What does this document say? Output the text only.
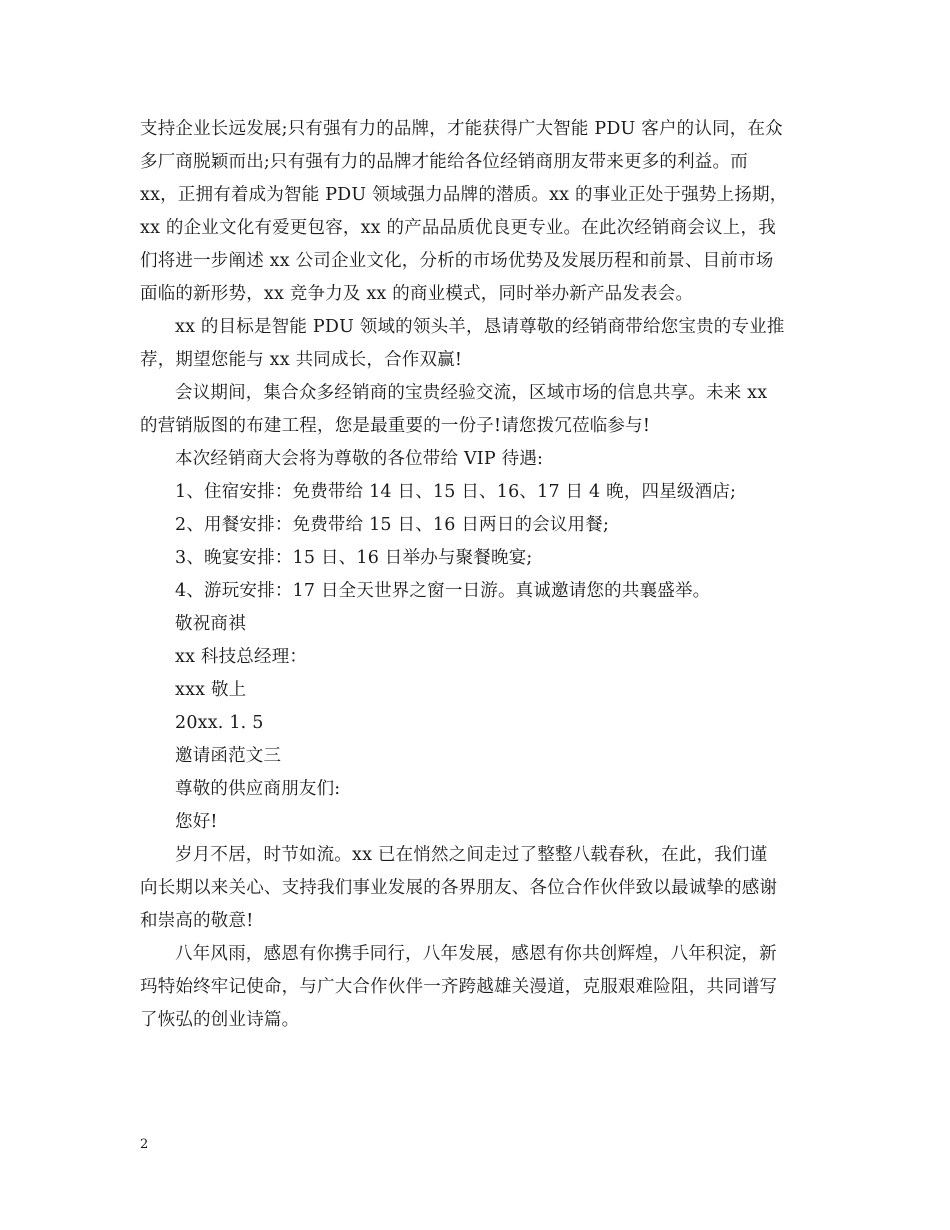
支持企业长远发展;只有强有力的品牌，才能获得广大智能 PDU 客户的认同，在众
多厂商脱颖而出;只有强有力的品牌才能给各位经销商朋友带来更多的利益。而
xx，正拥有着成为智能 PDU 领域强力品牌的潜质。xx 的事业正处于强势上扬期，
xx 的企业文化有爱更包容，xx 的产品品质优良更专业。在此次经销商会议上，我
们将进一步阐述 xx 公司企业文化，分析的市场优势及发展历程和前景、目前市场
面临的新形势，xx 竞争力及 xx 的商业模式，同时举办新产品发表会。
xx 的目标是智能 PDU 领域的领头羊，恳请尊敬的经销商带给您宝贵的专业推
荐，期望您能与 xx 共同成长，合作双赢!
会议期间，集合众多经销商的宝贵经验交流，区域市场的信息共享。未来 xx
的营销版图的布建工程，您是最重要的一份子!请您拨冗莅临参与!
本次经销商大会将为尊敬的各位带给 VIP 待遇:
1、住宿安排：免费带给 14 日、15 日、16、17 日 4 晚，四星级酒店;
2、用餐安排：免费带给 15 日、16 日两日的会议用餐;
3、晚宴安排：15 日、16 日举办与聚餐晚宴;
4、游玩安排：17 日全天世界之窗一日游。真诚邀请您的共襄盛举。
敬祝商祺
xx 科技总经理：
xxx 敬上
20xx. 1. 5
邀请函范文三
尊敬的供应商朋友们:
您好!
岁月不居，时节如流。xx 已在悄然之间走过了整整八载春秋，在此，我们谨
向长期以来关心、支持我们事业发展的各界朋友、各位合作伙伴致以最诚挚的感谢
和崇高的敬意!
八年风雨，感恩有你携手同行，八年发展，感恩有你共创辉煌，八年积淀，新
玛特始终牢记使命，与广大合作伙伴一齐跨越雄关漫道，克服艰难险阻，共同谱写
了恢弘的创业诗篇。
2
